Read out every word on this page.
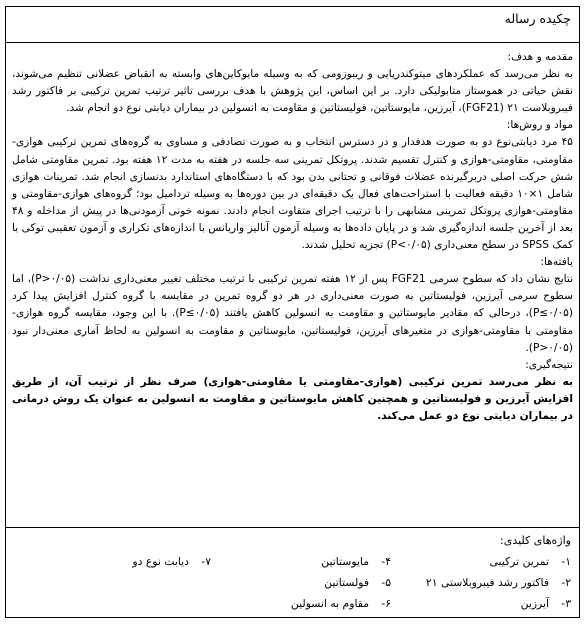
چکیده رساله

مقدمه و هدف:

به نظر می‌رسد که عملکردهای میتوکندریایی و ریبوزومی که به وسیله مایوکاین‌های وابسته به انقباض عضلانی تنظیم می‌شوند، نقش حیاتی در هموستاز متابولیکی دارد. بر این اساس، این پژوهش با هدف بررسی تاثیر ترتیب تمرین ترکیبی بر فاکتور رشد فیبروبلاست ۲۱ (FGF21)، آیرزین، مایوستاتین، فولیستاتین و مقاومت به انسولین در بیماران دیابتی نوع دو انجام شد.

مواد و روش‌ها:

۴۵ مرد دیابتی‌نوع دو به صورت هدفدار و در دسترس انتخاب و به صورت تصادفی و مساوی به گروه‌های تمرین ترکیبی هوازی-مقاومتی، مقاومتی-هوازی و کنترل تقسیم شدند. پروتکل تمرینی سه جلسه در هفته به مدت ۱۲ هفته بود. تمرین مقاومتی شامل شش حرکت اصلی دربرگیرنده عضلات فوقانی و تحتانی بدن بود که با دستگاه‌های استاندارد بدنسازی انجام شد. تمرینات هوازی شامل ۱×۱۰ دقیقه فعالیت با استراحت‌های فعال یک دقیقه‌ای در بین دوره‌ها به وسیله ترداميل بود؛ گروه‌های هوازی-مقاومتی و مقاومتی-هوازی پروتکل تمرینی مشابهی را با ترتیب اجرای متفاوت انجام دادند. نمونه خونی آزمودنی‌ها در پیش از مداخله و ۴۸ بعد از آخرین جلسه اندازه‌گیری شد و در پایان داده‌ها به وسیله آزمون آنالیز واریانس با اندازه‌های تکراری و آزمون تعقیبی توکی با کمک SPSS در سطح معنی‌داری (P<۰/۰۵) تجزیه تحلیل شدند.

یافته‌ها:

نتایج نشان داد که سطوح سرمی FGF21 پس از ۱۲ هفته تمرین ترکیبی با ترتیب مختلف تغییر معنی‌داری نداشت (P>۰/۰۵)، اما سطوح سرمی آیرزین، فولیستاتین به صورت معنی‌داری در هر دو گروه تمرین در مقایسه با گروه کنترل افزایش پیدا کرد (P≤۰/۰۵)، درحالی که مقادیر مایوستاتین و مقاومت به انسولین کاهش یافتند (P≤۰/۰۵). با این وجود، مقایسه گروه هوازی-مقاومتی با مقاومتی-هوازی در متغیرهای آیرزین، فولیستاتین، مایوستاتین و مقاومت به انسولین به لحاظ آماری معنی‌دار نبود (P>۰/۰۵).

نتیجه‌گیری:

به نظر می‌رسد تمرین ترکیبی (هوازی-مقاومتی یا مقاومتی-هوازی) صرف نظر از ترتیب آن، از طریق افزایش آیرزین و فولیستاتین و همچنین کاهش مایوستاتین و مقاومت به انسولین به عنوان یک روش درمانی در بیماران دیابتی نوع دو عمل می‌کند.

واژه‌های کلیدی:
۱-تمرین ترکیبی
۲-فاکتور رشد فیبروبلاستی ۲۱
۳-آیرزین
۴-مایوستاتین
۵-فولستاتین
۶-مقاوم به انسولین
۷-دیابت نوع دو
